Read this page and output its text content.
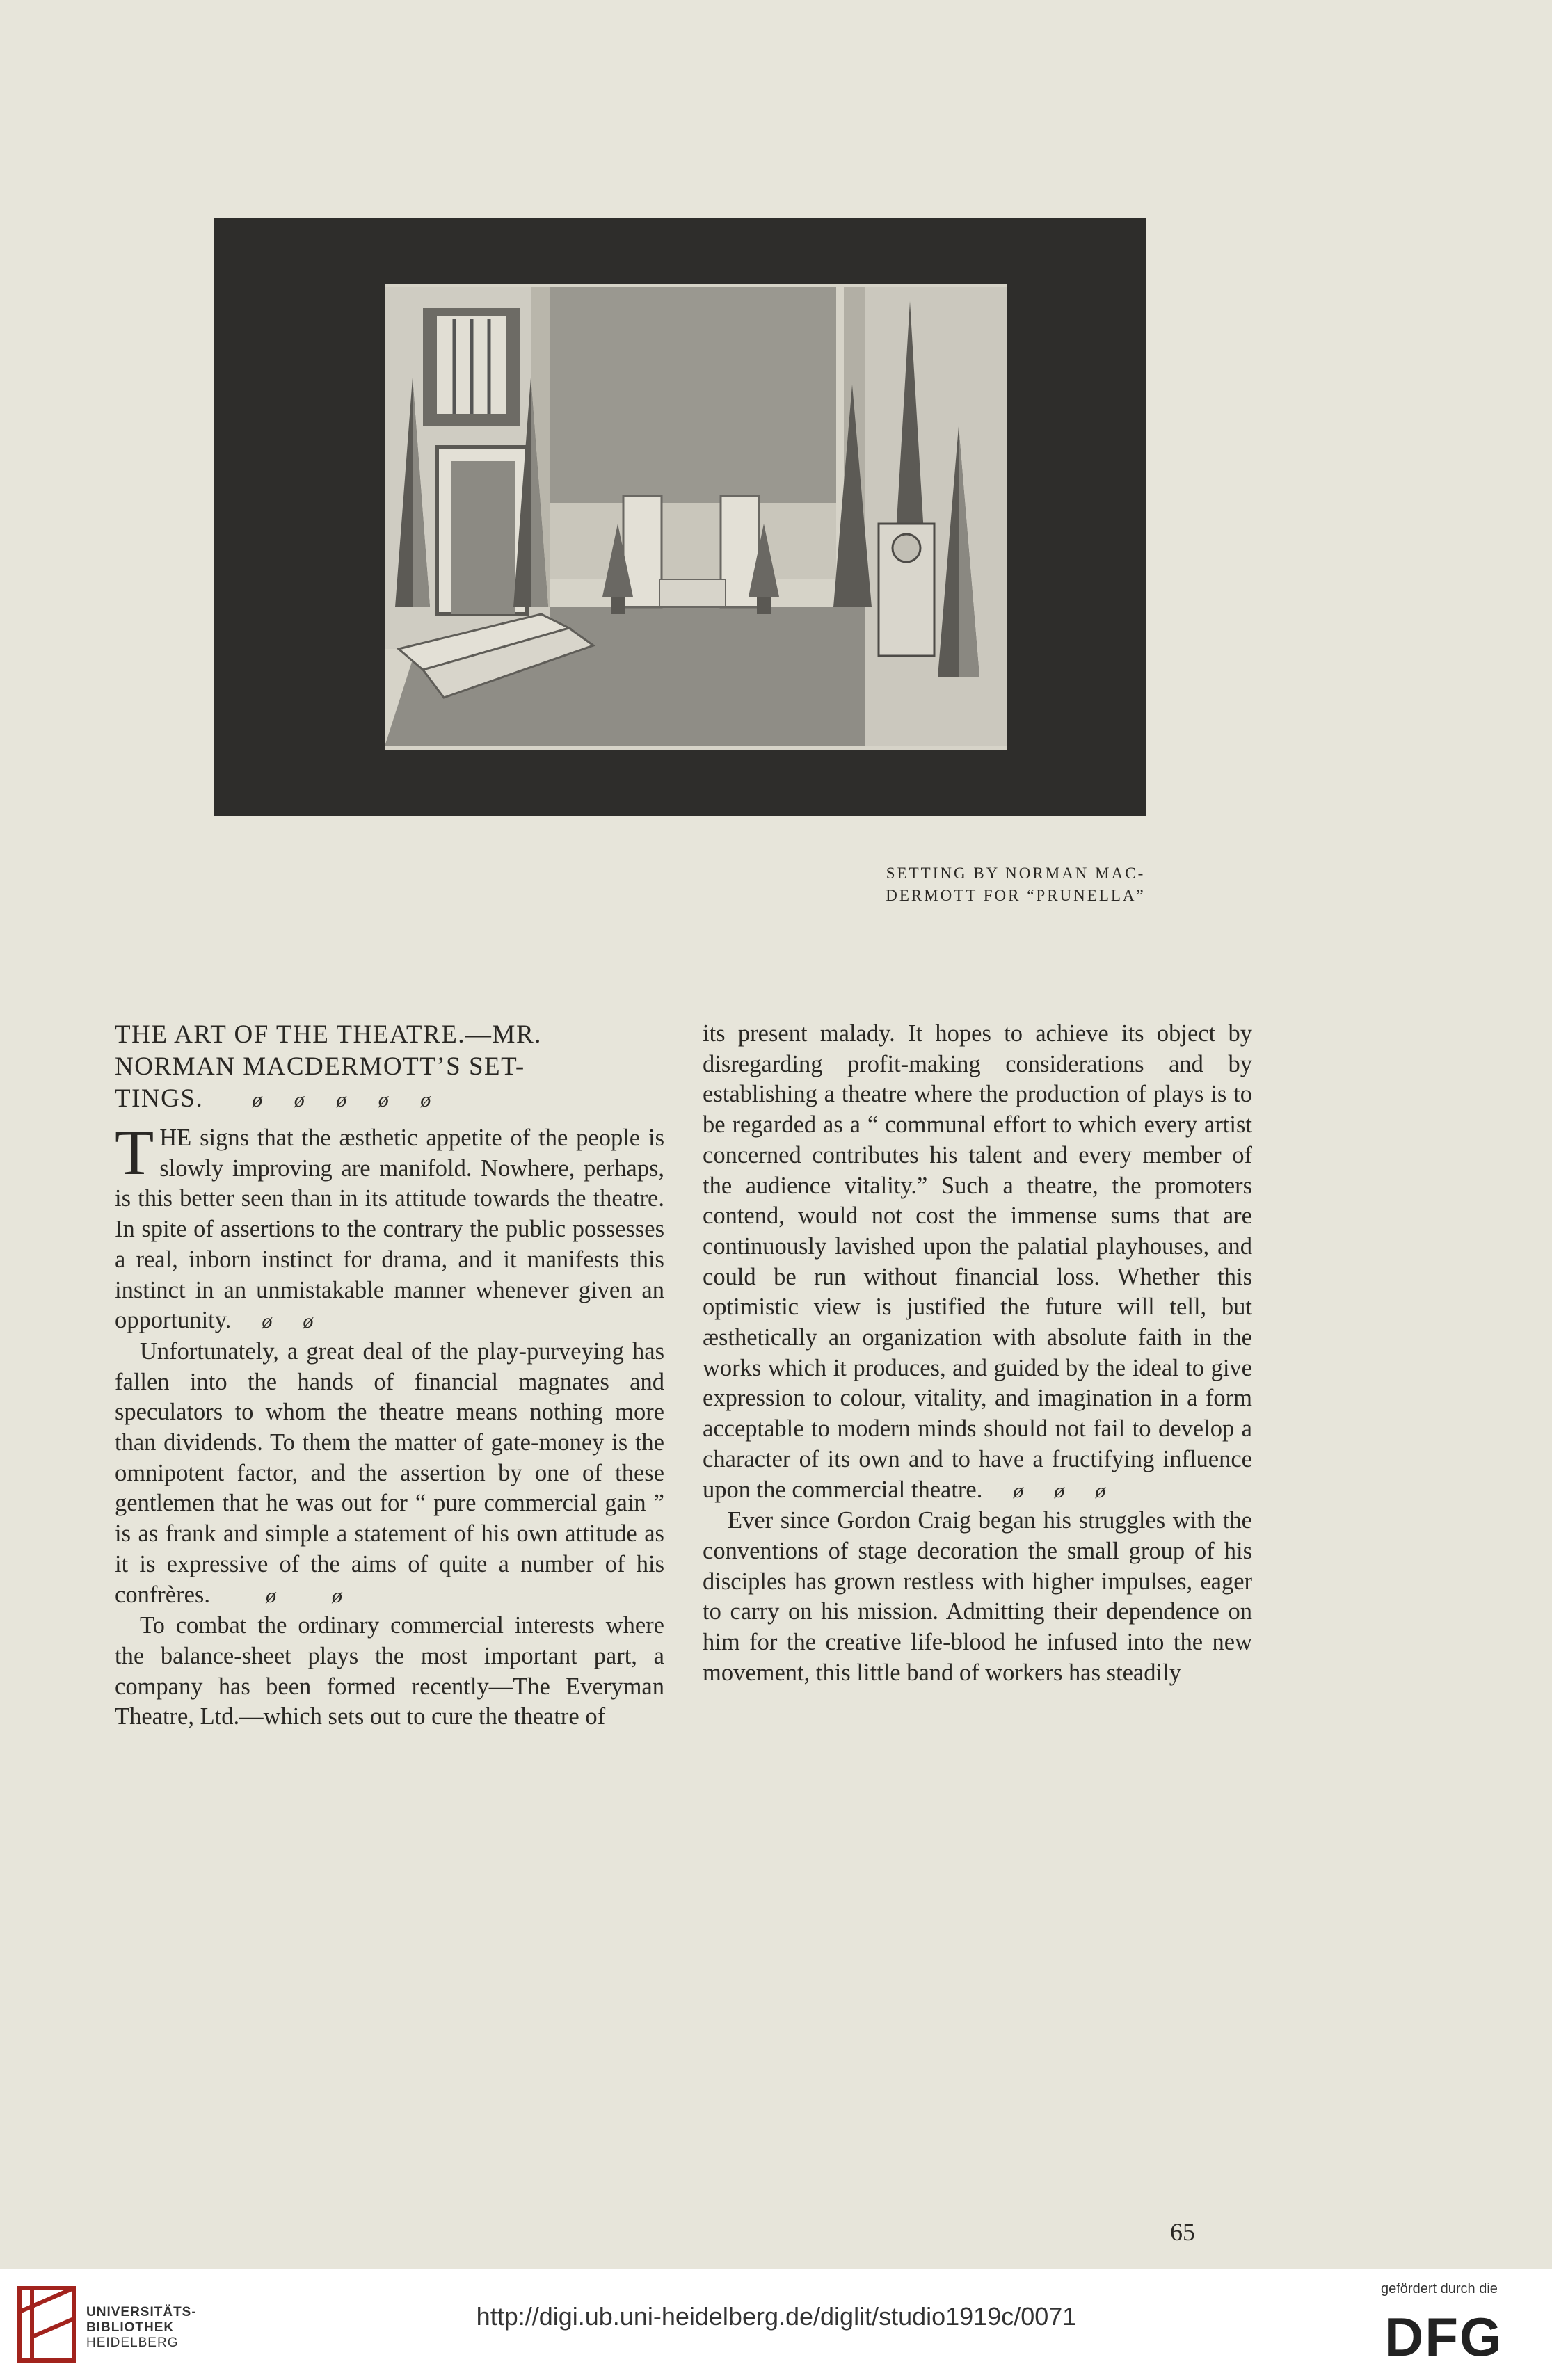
SETTING BY NORMAN MAC-
DERMOTT FOR “PRUNELLA”
THE ART OF THE THEATRE.—MR.
NORMAN MACDERMOTT’S SET-
TINGS. ø ø ø ø ø

THE signs that the æsthetic appetite of the people is slowly improving are manifold. Nowhere, perhaps, is this better seen than in its attitude towards the theatre. In spite of assertions to the contrary the public possesses a real, inborn instinct for drama, and it manifests this instinct in an unmistakable manner whenever given an opportunity. ø ø

Unfortunately, a great deal of the play-purveying has fallen into the hands of financial magnates and speculators to whom the theatre means nothing more than dividends. To them the matter of gate-money is the omnipotent factor, and the assertion by one of these gentlemen that he was out for “ pure commercial gain ” is as frank and simple a statement of his own attitude as it is expressive of the aims of quite a number of his confrères.	ø	ø

To combat the ordinary commercial interests where the balance-sheet plays the most important part, a company has been formed recently—The Everyman Theatre, Ltd.—which sets out to cure the theatre of

its present malady. It hopes to achieve its object by disregarding profit-making considerations and by establishing a theatre where the production of plays is to be regarded as a “ communal effort to which every artist concerned contributes his talent and every member of the audience vitality.” Such a theatre, the promoters contend, would not cost the immense sums that are continuously lavished upon the palatial playhouses, and could be run without financial loss. Whether this optimistic view is justified the future will tell, but æsthetically an organization with absolute faith in the works which it produces, and guided by the ideal to give expression to colour, vitality, and imagination in a form acceptable to modern minds should not fail to develop a character of its own and to have a fructifying influence upon the commercial theatre. ø ø ø

Ever since Gordon Craig began his struggles with the conventions of stage decoration the small group of his disciples has grown restless with higher impulses, eager to carry on his mission. Admitting their dependence on him for the creative life-blood he infused into the new movement, this little band of workers has steadily

65
UNIVERSITÄTS-
BIBLIOTHEK
HEIDELBERG
http://digi.ub.uni-heidelberg.de/diglit/studio1919c/0071
gefördert durch die
DFG
